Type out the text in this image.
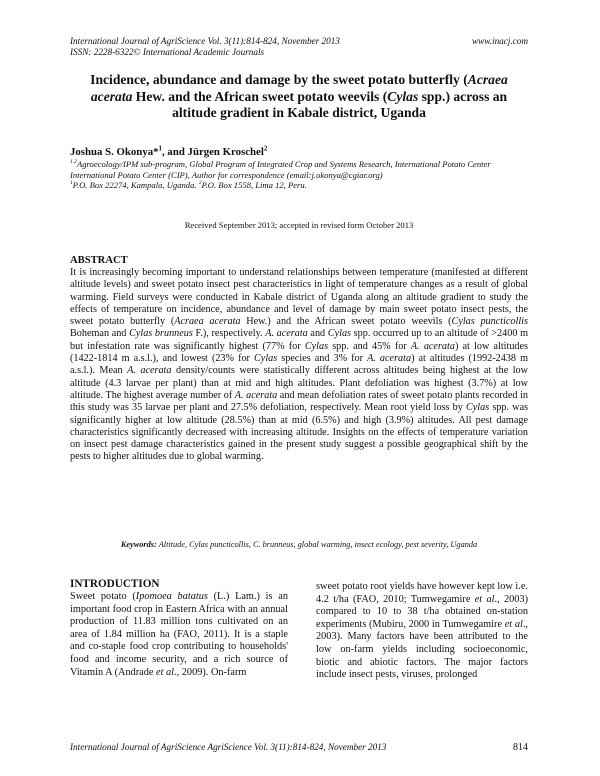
International Journal of AgriScience Vol. 3(11):814-824, November 2013
ISSN: 2228-6322© International Academic Journals
www.inacj.com
Incidence, abundance and damage by the sweet potato butterfly (Acraea acerata Hew. and the African sweet potato weevils (Cylas spp.) across an altitude gradient in Kabale district, Uganda
Joshua S. Okonya*$^1$, and Jürgen Kroschel$^2$
$^{1,2}$Agroecology/IPM sub-program, Global Program of Integrated Crop and Systems Research, International Potato Center International Potato Center (CIP), Author for correspondence (email:j.okonya@cgiar.org)
$^1$P.O. Box 22274, Kampala, Uganda. $^2$P.O. Box 1558, Lima 12, Peru.
Received September 2013; accepted in revised form October 2013
ABSTRACT
It is increasingly becoming important to understand relationships between temperature (manifested at different altitude levels) and sweet potato insect pest characteristics in light of temperature changes as a result of global warming. Field surveys were conducted in Kabale district of Uganda along an altitude gradient to study the effects of temperature on incidence, abundance and level of damage by main sweet potato insect pests, the sweet potato butterfly (Acraea acerata Hew.) and the African sweet potato weevils (Cylas puncticollis Boheman and Cylas brunneus F.), respectively. A. acerata and Cylas spp. occurred up to an altitude of >2400 m but infestation rate was significantly highest (77% for Cylas spp. and 45% for A. acerata) at low altitudes (1422-1814 m a.s.l.), and lowest (23% for Cylas species and 3% for A. acerata) at altitudes (1992-2438 m a.s.l.). Mean A. acerata density/counts were statistically different across altitudes being highest at the low altitude (4.3 larvae per plant) than at mid and high altitudes. Plant defoliation was highest (3.7%) at low altitude. The highest average number of A. acerata and mean defoliation rates of sweet potato plants recorded in this study was 35 larvae per plant and 27.5% defoliation, respectively. Mean root yield loss by Cylas spp. was significantly higher at low altitude (28.5%) than at mid (6.5%) and high (3.9%) altitudes. All pest damage characteristics significantly decreased with increasing altitude. Insights on the effects of temperature variation on insect pest damage characteristics gained in the present study suggest a possible geographical shift by the pests to higher altitudes due to global warming.
Keywords: Altitude, Cylas puncticollis, C. brunneus, global warming, insect ecology, pest severity, Uganda
INTRODUCTION
Sweet potato (Ipomoea batatus (L.) Lam.) is an important food crop in Eastern Africa with an annual production of 11.83 million tons cultivated on an area of 1.84 million ha (FAO, 2011). It is a staple and co-staple food crop contributing to households' food and income security, and a rich source of Vitamin A (Andrade et al., 2009). On-farm
sweet potato root yields have however kept low i.e. 4.2 t/ha (FAO, 2010; Tumwegamire et al., 2003) compared to 10 to 38 t/ha obtained on-station experiments (Mubiru, 2000 in Tumwegamire et al., 2003). Many factors have been attributed to the low on-farm yields including socioeconomic, biotic and abiotic factors. The major factors include insect pests, viruses, prolonged
International Journal of AgriScience AgriScience Vol. 3(11):814-824, November 2013	814
